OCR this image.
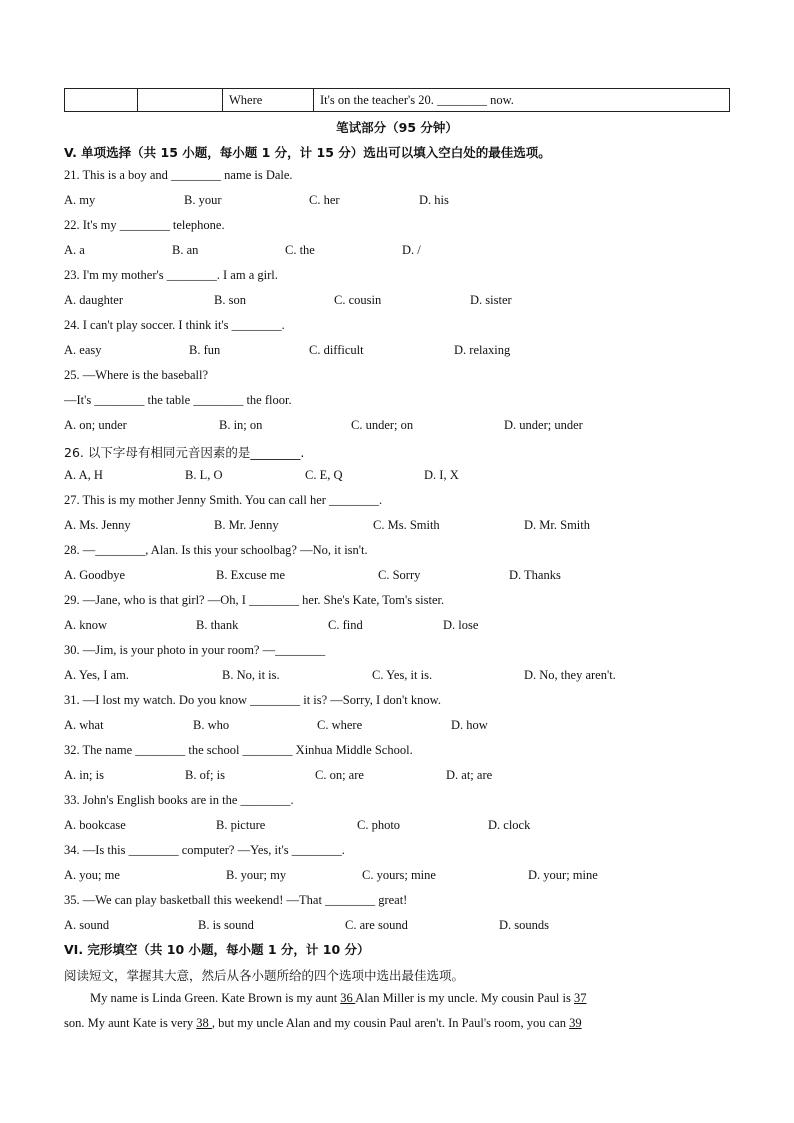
		Where	It's on the teacher's 20. ________ now.
笔试部分（95 分钟）
V. 单项选择（共 15 小题，每小题 1 分，计 15 分）选出可以填入空白处的最佳选项。
21. This is a boy and ________ name is Dale.
A. my	B. your	C. her	D. his
22. It's my ________ telephone.
A. a	B. an	C. the	D. /
23. I'm my mother's ________. I am a girl.
A. daughter	B. son	C. cousin	D. sister
24. I can't play soccer. I think it's ________.
A. easy	B. fun	C. difficult	D. relaxing
25. —Where is the baseball?
—It's ________ the table ________ the floor.
A. on; under	B. in; on	C. under; on	D. under; under
26. 以下字母有相同元音因素的是________.
A. A, H	B. L, O	C. E, Q	D. I, X
27. This is my mother Jenny Smith. You can call her ________.
A. Ms. Jenny	B. Mr. Jenny	C. Ms. Smith	D. Mr. Smith
28. —________, Alan. Is this your schoolbag? —No, it isn't.
A. Goodbye	B. Excuse me	C. Sorry	D. Thanks
29. —Jane, who is that girl? —Oh, I ________ her. She's Kate, Tom's sister.
A. know	B. thank	C. find	D. lose
30. —Jim, is your photo in your room? —________
A. Yes, I am.	B. No, it is.	C. Yes, it is.	D. No, they aren't.
31. —I lost my watch. Do you know ________ it is? —Sorry, I don't know.
A. what	B. who	C. where	D. how
32. The name ________ the school ________ Xinhua Middle School.
A. in; is	B. of; is	C. on; are	D. at; are
33. John's English books are in the ________.
A. bookcase	B. picture	C. photo	D. clock
34. —Is this ________ computer? —Yes, it's ________.
A. you; me	B. your; my	C. yours; mine	D. your; mine
35. —We can play basketball this weekend! —That ________ great!
A. sound	B. is sound	C. are sound	D. sounds
VI. 完形填空（共 10 小题，每小题 1 分，计 10 分）
阅读短文，掌握其大意，然后从各小题所给的四个选项中选出最佳选项。
My name is Linda Green. Kate Brown is my aunt 36 Alan Miller is my uncle. My cousin Paul is 37
son. My aunt Kate is very 38 , but my uncle Alan and my cousin Paul aren't. In Paul's room, you can 39
